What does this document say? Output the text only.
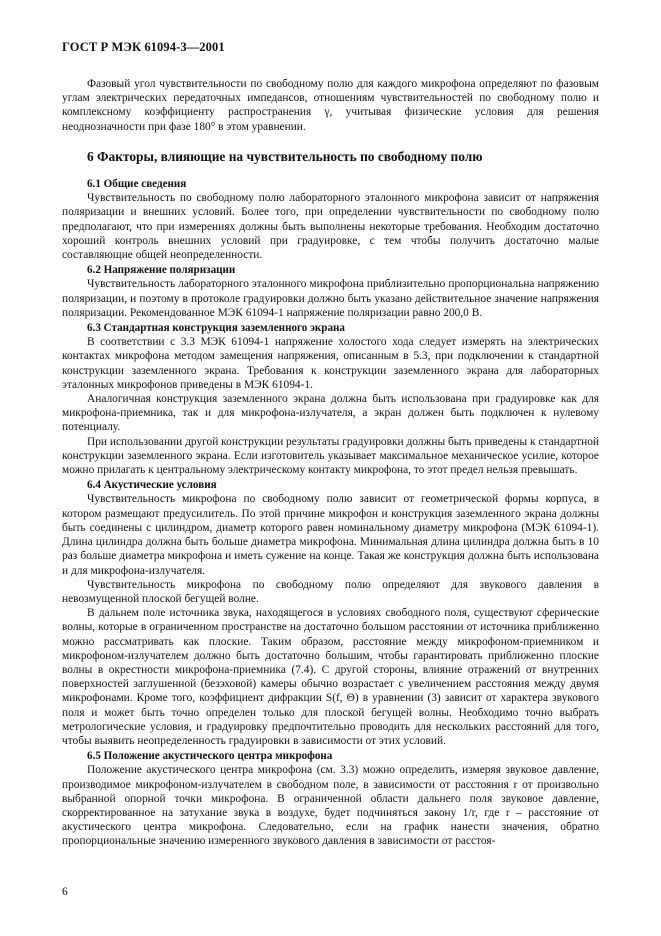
ГОСТ Р МЭК 61094-3—2001

Фазовый угол чувствительности по свободному полю для каждого микрофона определяют по фазовым углам электрических передаточных импедансов, отношениям чувствительностей по свободному полю и комплексному коэффициенту распространения γ, учитывая физические условия для решения неоднозначности при фазе 180° в этом уравнении.

6 Факторы, влияющие на чувствительность по свободному полю
6.1 Общие сведения

Чувствительность по свободному полю лабораторного эталонного микрофона зависит от напряжения поляризации и внешних условий. Более того, при определении чувствительности по свободному полю предполагают, что при измерениях должны быть выполнены некоторые требования. Необходим достаточно хороший контроль внешних условий при градуировке, с тем чтобы получить достаточно малые составляющие общей неопределенности.

6.2 Напряжение поляризации

Чувствительность лабораторного эталонного микрофона приблизительно пропорциональна напряжению поляризации, и поэтому в протоколе градуировки должно быть указано действительное значение напряжения поляризации. Рекомендованное МЭК 61094-1 напряжение поляризации равно 200,0 В.

6.3 Стандартная конструкция заземленного экрана

В соответствии с 3.3 МЭК 61094-1 напряжение холостого хода следует измерять на электрических контактах микрофона методом замещения напряжения, описанным в 5.3, при подключении к стандартной конструкции заземленного экрана. Требования к конструкции заземленного экрана для лабораторных эталонных микрофонов приведены в МЭК 61094-1.

Аналогичная конструкция заземленного экрана должна быть использована при градуировке как для микрофона-приемника, так и для микрофона-излучателя, а экран должен быть подключен к нулевому потенциалу.

При использовании другой конструкции результаты градуировки должны быть приведены к стандартной конструкции заземленного экрана. Если изготовитель указывает максимальное механическое усилие, которое можно прилагать к центральному электрическому контакту микрофона, то этот предел нельзя превышать.

6.4 Акустические условия

Чувствительность микрофона по свободному полю зависит от геометрической формы корпуса, в котором размещают предусилитель. По этой причине микрофон и конструкция заземленного экрана должны быть соединены с цилиндром, диаметр которого равен номинальному диаметру микрофона (МЭК 61094-1). Длина цилиндра должна быть больше диаметра микрофона. Минимальная длина цилиндра должна быть в 10 раз больше диаметра микрофона и иметь сужение на конце. Такая же конструкция должна быть использована и для микрофона-излучателя.

Чувствительность микрофона по свободному полю определяют для звукового давления в невозмущенной плоской бегущей волне.

В дальнем поле источника звука, находящегося в условиях свободного поля, существуют сферические волны, которые в ограниченном пространстве на достаточно большом расстоянии от источника приближенно можно рассматривать как плоские. Таким образом, расстояние между микрофоном-приемником и микрофоном-излучателем должно быть достаточно большим, чтобы гарантировать приближенно плоские волны в окрестности микрофона-приемника (7.4). С другой стороны, влияние отражений от внутренних поверхностей заглушенной (безэховой) камеры обычно возрастает с увеличением расстояния между двумя микрофонами. Кроме того, коэффициент дифракции S(f, Θ) в уравнении (3) зависит от характера звукового поля и может быть точно определен только для плоской бегущей волны. Необходимо точно выбрать метрологические условия, и градуировку предпочтительно проводить для нескольких расстояний для того, чтобы выявить неопределенность градуировки в зависимости от этих условий.

6.5 Положение акустического центра микрофона

Положение акустического центра микрофона (см. 3.3) можно определить, измеряя звуковое давление, производимое микрофоном-излучателем в свободном поле, в зависимости от расстояния r от произвольно выбранной опорной точки микрофона. В ограниченной области дальнего поля звуковое давление, скорректированное на затухание звука в воздухе, будет подчиняться закону 1/r, где r – расстояние от акустического центра микрофона. Следовательно, если на график нанести значения, обратно пропорциональные значению измеренного звукового давления в зависимости от расстоя-

6
